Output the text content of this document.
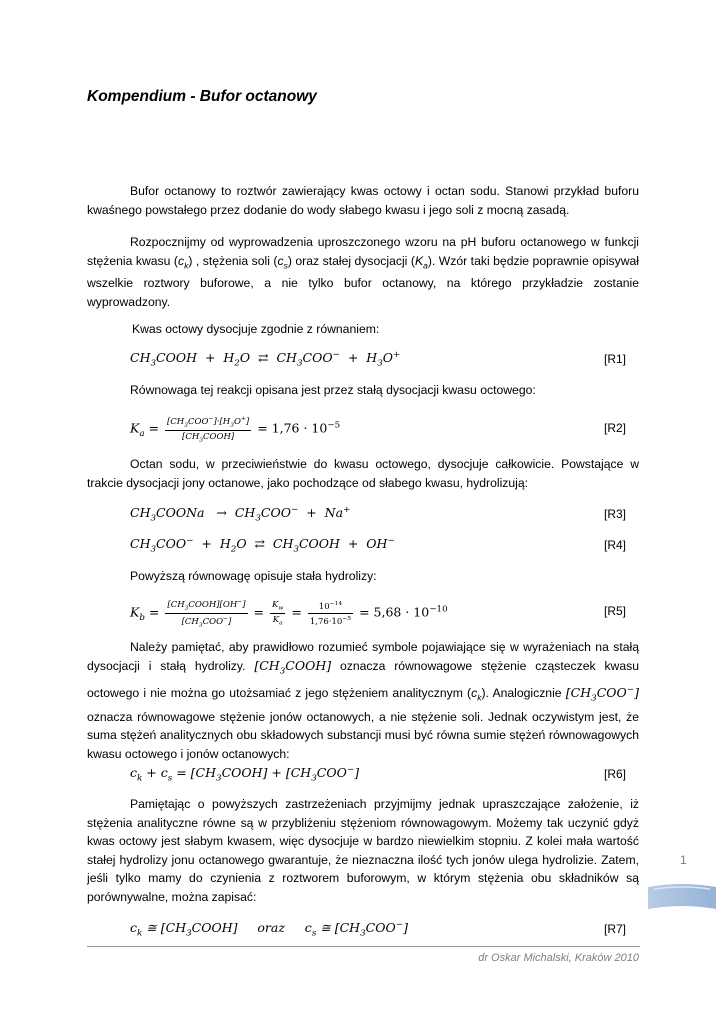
Kompendium - Bufor octanowy

Bufor octanowy to roztwór zawierający kwas octowy i octan sodu. Stanowi przykład buforu kwaśnego powstałego przez dodanie do wody słabego kwasu i jego soli z mocną zasadą.

Rozpocznijmy od wyprowadzenia uproszczonego wzoru na pH buforu octanowego w funkcji stężenia kwasu $(c_k)$ , stężenia soli $(c_s)$ oraz stałej dysocjacji $(K_a)$. Wzór taki będzie poprawnie opisywał wszelkie roztwory buforowe, a nie tylko bufor octanowy, na którego przykładzie zostanie wyprowadzony.

Kwas octowy dysocjuje zgodnie z równaniem:

$CH_3COOH + H_2O$  ⇄  $CH_3COO^- + H_3O^+$	[R1]

Równowaga tej reakcji opisana jest przez stałą dysocjacji kwasu octowego:

$K_a = \frac{[CH_3COO^-]\cdot[H_3O^+]}{[CH_3COOH]} = 1,76 \cdot 10^{-5}$	[R2]

Octan sodu, w przeciwieństwie do kwasu octowego, dysocjuje całkowicie. Powstające w trakcie dysocjacji jony octanowe, jako pochodzące od słabego kwasu, hydrolizują:

$CH_3COONa \to CH_3COO^- + Na^+$	[R3]
$CH_3COO^- + H_2O$  ⇄  $CH_3COOH + OH^-$	[R4]

Powyższą równowagę opisuje stała hydrolizy:

$K_b = \frac{[CH_3COOH][OH^-]}{[CH_3COO^-]} = \frac{K_w}{K_a} = \frac{10^{-14}}{1,76\cdot 10^{-5}} = 5,68 \cdot 10^{-10}$	[R5]

Należy pamiętać, aby prawidłowo rozumieć symbole pojawiające się w wyrażeniach na stałą dysocjacji i stałą hydrolizy. $[CH_3COOH]$ oznacza równowagowe stężenie cząsteczek kwasu octowego i nie można go utożsamiać z jego stężeniem analitycznym $(c_k)$. Analogicznie $[CH_3COO^-]$ oznacza równowagowe stężenie jonów octanowych, a nie stężenie soli. Jednak oczywistym jest, że suma stężeń analitycznych obu składowych substancji musi być równa sumie stężeń równowagowych kwasu octowego i jonów octanowych:

$c_k + c_s$ = $[CH_3COOH] + [CH_3COO^-]$	[R6]

Pamiętając o powyższych zastrzeżeniach przyjmijmy jednak upraszczające założenie, iż stężenia analityczne równe są w przybliżeniu stężeniom równowagowym. Możemy tak uczynić gdyż kwas octowy jest słabym kwasem, więc dysocjuje w bardzo niewielkim stopniu. Z kolei mała wartość stałej hydrolizy jonu octanowego gwarantuje, że nieznaczna ilość tych jonów ulega hydrolizie. Zatem, jeśli tylko mamy do czynienia z roztworem buforowym, w którym stężenia obu składników są porównywalne, można zapisać:

1
$c_k$ ≅ $[CH_3COOH]$     oraz     $c_s$ ≅ $[CH_3COO^-]$	[R7]
dr Oskar Michalski, Kraków 2010
